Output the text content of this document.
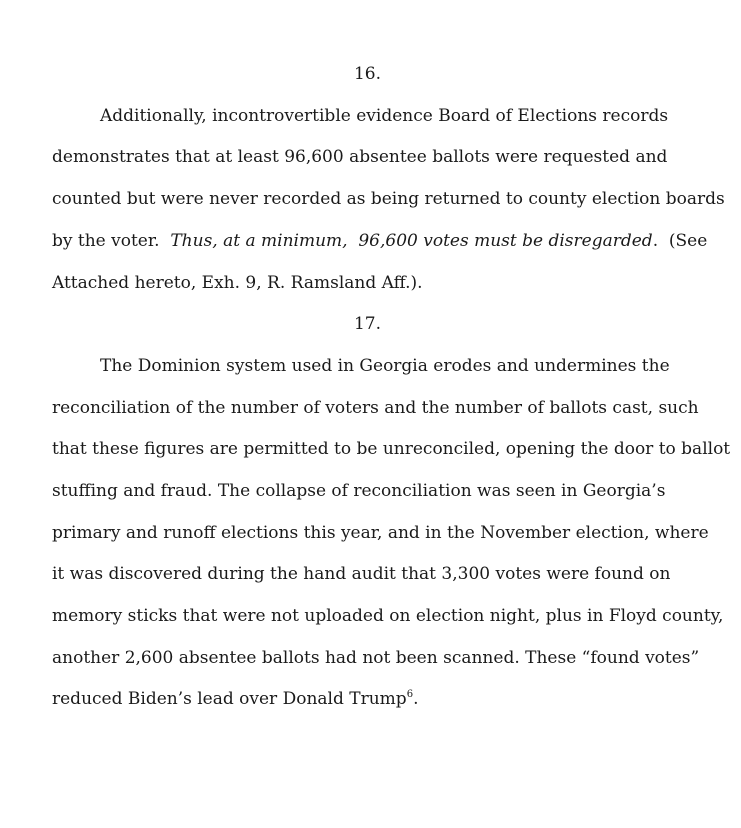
16.
Additionally, incontrovertible evidence Board of Elections records
demonstrates that at least 96,600 absentee ballots were requested and
counted but were never recorded as being returned to county election boards
by the voter.  Thus, at a minimum,  96,600 votes must be disregarded.  (See
Attached hereto, Exh. 9, R. Ramsland Aff.).
17.
The Dominion system used in Georgia erodes and undermines the
reconciliation of the number of voters and the number of ballots cast, such
that these figures are permitted to be unreconciled, opening the door to ballot
stuffing and fraud. The collapse of reconciliation was seen in Georgia’s
primary and runoff elections this year, and in the November election, where
it was discovered during the hand audit that 3,300 votes were found on
memory sticks that were not uploaded on election night, plus in Floyd county,
another 2,600 absentee ballots had not been scanned. These “found votes”
reduced Biden’s lead over Donald Trump$^6$.
